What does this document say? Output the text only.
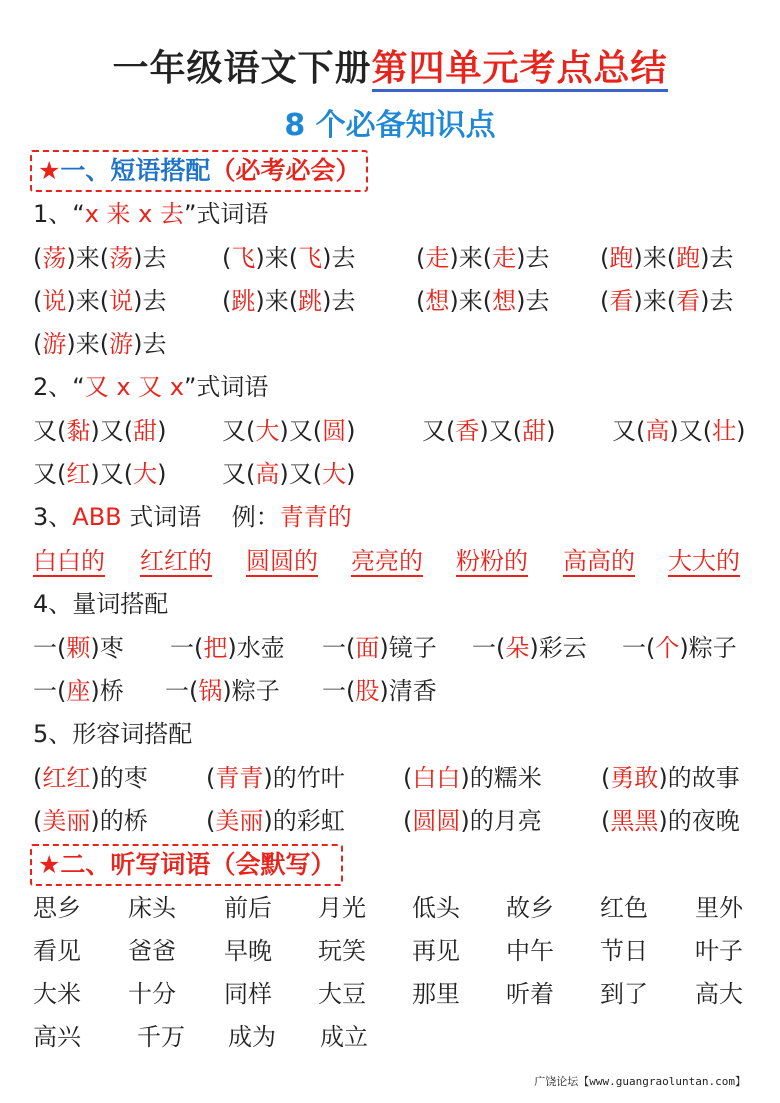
一年级语文下册第四单元考点总结
8 个必备知识点
★一、短语搭配（必考必会）
1、“x 来 x 去”式词语
(荡)来(荡)去 (飞)来(飞)去	(走)来(走)去 (跑)来(跑)去
(说)来(说)去 (跳)来(跳)去	(想)来(想)去 (看)来(看)去
(游)来(游)去
2、“又 x 又 x”式词语
又(黏)又(甜) 又(大)又(圆)	又(香)又(甜) 又(高)又(壮)
又(红)又(大) 又(高)又(大)
3、ABB 式词语    例：青青的
白白的 红红的 圆圆的 亮亮的 粉粉的 高高的 大大的
4、量词搭配
一(颗)枣 一(把)水壶 一(面)镜子 一(朵)彩云 一(个)粽子
一(座)桥 一(锅)粽子 一(股)清香
5、形容词搭配
(红红)的枣 (青青)的竹叶 (白白)的糯米 (勇敢)的故事
(美丽)的桥 (美丽)的彩虹 (圆圆)的月亮 (黑黑)的夜晚
★二、听写词语（会默写）
思乡 床头 前后 月光 低头 故乡 红色 里外
看见 爸爸 早晚 玩笑 再见 中午 节日 叶子
大米 十分 同样 大豆 那里 听着 到了 高大
高兴 千万 成为 成立
广饶论坛【www.guangraoluntan.com】
